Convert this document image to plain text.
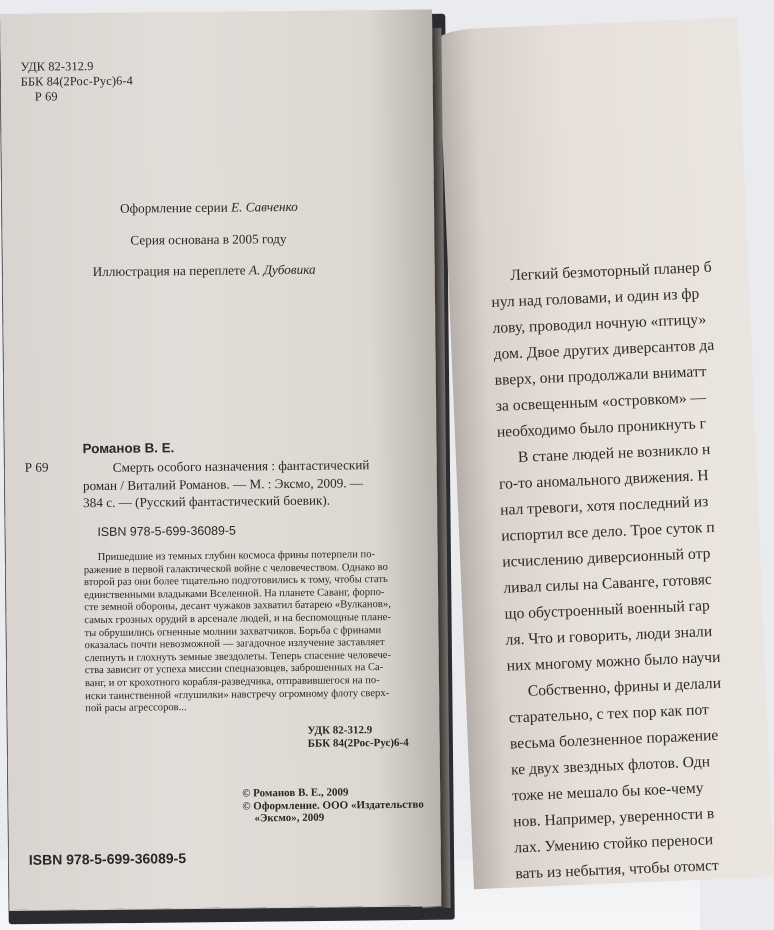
Легкий безмоторный планер б
нул над головами, и один из фр
лову, проводил ночную «птицу»
дом. Двое других диверсантов да
вверх, они продолжали вниматт
за освещенным «островком» —
необходимо было проникнуть г
В стане людей не возникло н
го-то аномального движения. Н
нал тревоги, хотя последний из
испортил все дело. Трое суток п
исчислению диверсионный отр
ливал силы на Саванге, готовяс
що обустроенный военный гар
ля. Что и говорить, люди знали
них многому можно было научи
Собственно, фрины и делали
старательно, с тех пор как пот
весьма болезненное поражение
ке двух звездных флотов. Одн
тоже не мешало бы кое-чему
нов. Например, уверенности в
лах. Умению стойко переноси
вать из небытия, чтобы отомст
УДК 82-312.9
ББК 84(2Рос-Рус)6-4
Р 69
Оформление серии Е. Савченко
Серия основана в 2005 году
Иллюстрация на переплете А. Дубовика
Романов В. Е.
Р 69	Смерть особого назначения : фантастический
роман / Виталий Романов. — М. : Эксмо, 2009. —
384 с. — (Русский фантастический боевик).
ISBN 978-5-699-36089-5
Пришедшие из темных глубин космоса фрины потерпели по-
ражение в первой галактической войне с человечеством. Однако во
второй раз они более тщательно подготовились к тому, чтобы стать
единственными владыками Вселенной. На планете Саванг, форпо-
сте земной обороны, десант чужаков захватил батарею «Вулканов»,
самых грозных орудий в арсенале людей, и на беспомощные плане-
ты обрушились огненные молнии захватчиков. Борьба с фринами
оказалась почти невозможной — загадочное излучение заставляет
слепнуть и глохнуть земные звездолеты. Теперь спасение человече-
ства зависит от успеха миссии спецназовцев, заброшенных на Са-
ванг, и от крохотного корабля-разведчика, отправившегося на по-
иски таинственной «глушилки» навстречу огромному флоту сверх-
пой расы агрессоров...
УДК 82-312.9
ББК 84(2Рос-Рус)6-4
© Романов В. Е., 2009
© Оформление. ООО «Издательство
«Эксмо», 2009
ISBN 978-5-699-36089-5
